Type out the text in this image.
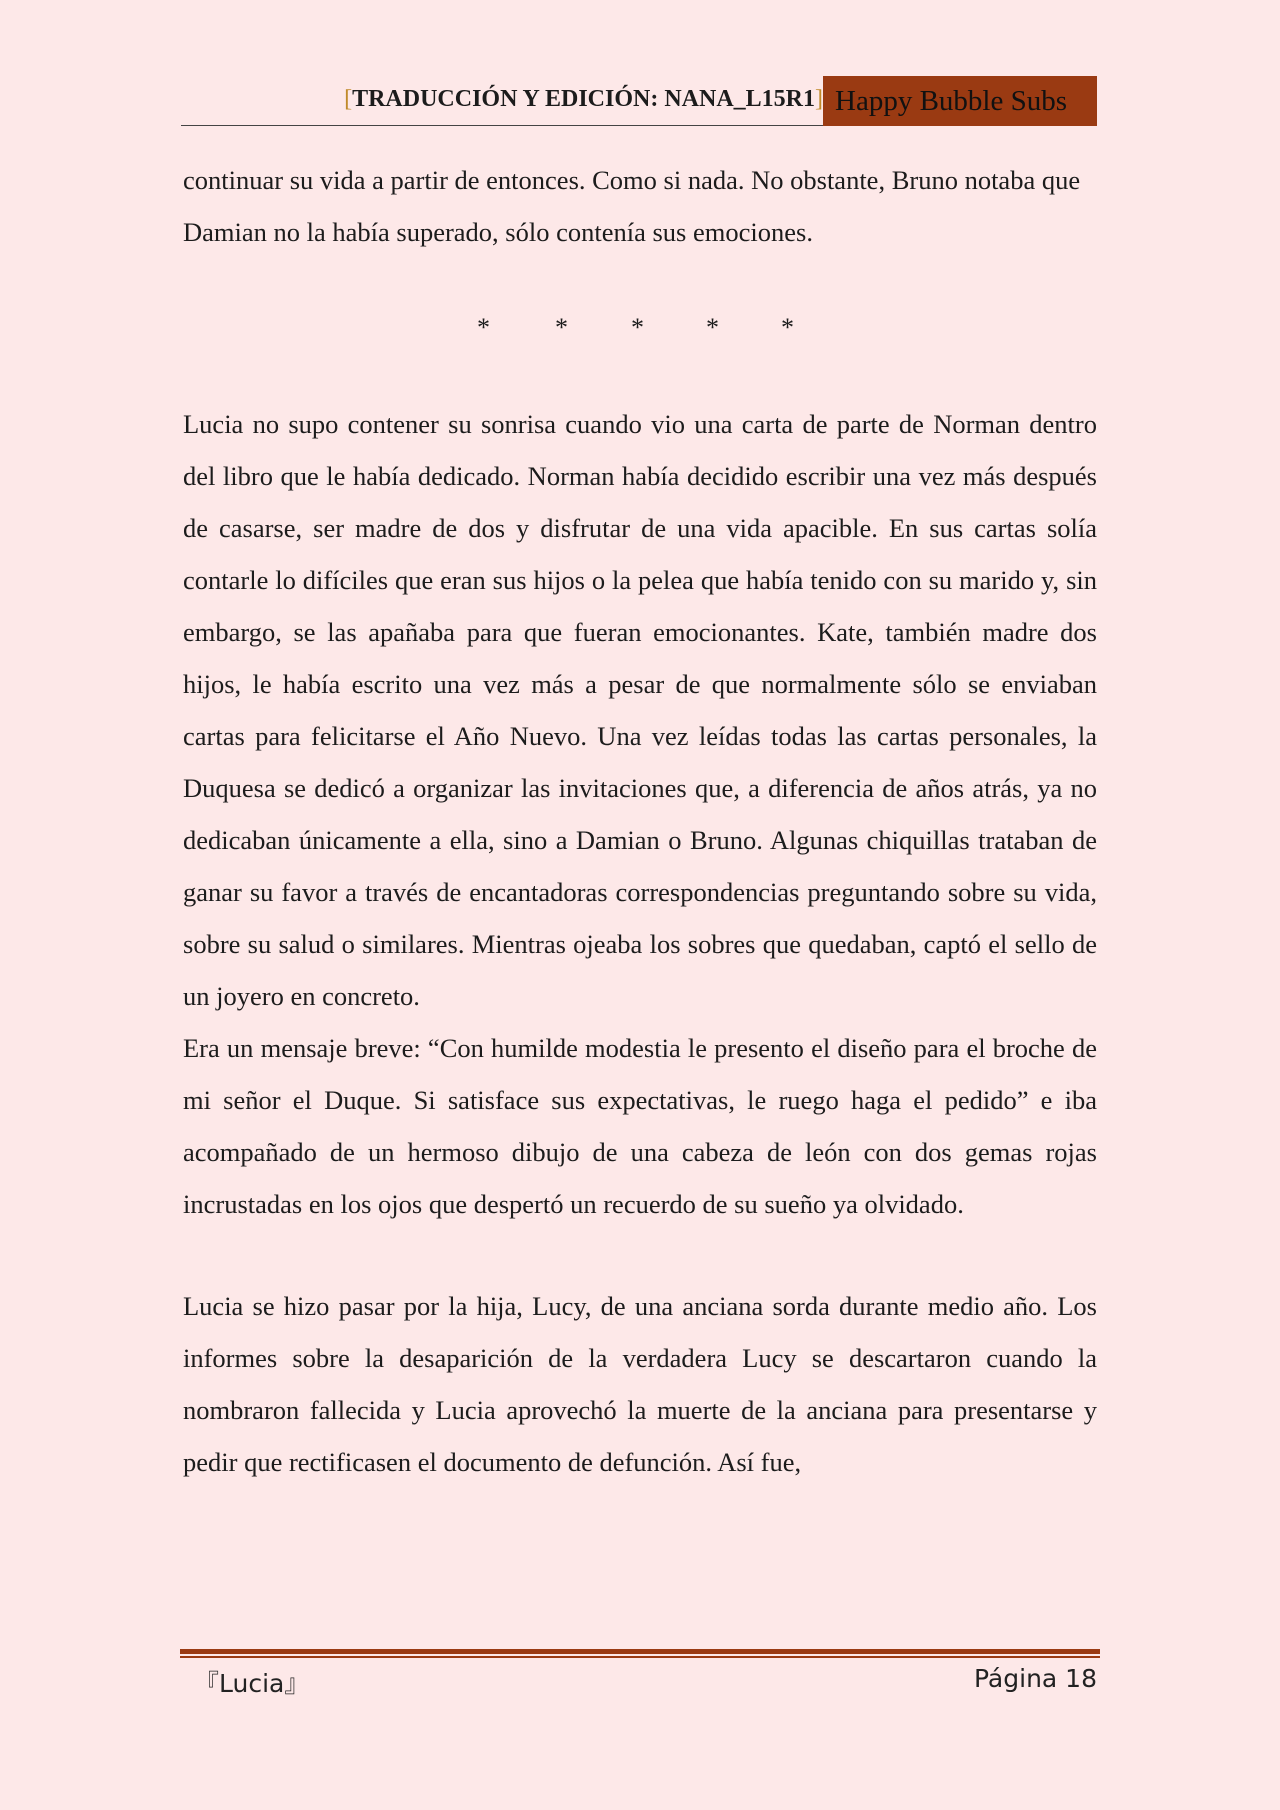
[TRADUCCIÓN Y EDICIÓN: NANA_L15R1] Happy Bubble Subs

continuar su vida a partir de entonces. Como si nada. No obstante, Bruno notaba que Damian no la había superado, sólo contenía sus emociones.

*	* * * *

Lucia no supo contener su sonrisa cuando vio una carta de parte de Norman dentro del libro que le había dedicado. Norman había decidido escribir una vez más después de casarse, ser madre de dos y disfrutar de una vida apacible. En sus cartas solía contarle lo difíciles que eran sus hijos o la pelea que había tenido con su marido y, sin embargo, se las apañaba para que fueran emocionantes. Kate, también madre dos hijos, le había escrito una vez más a pesar de que normalmente sólo se enviaban cartas para felicitarse el Año Nuevo. Una vez leídas todas las cartas personales, la Duquesa se dedicó a organizar las invitaciones que, a diferencia de años atrás, ya no dedicaban únicamente a ella, sino a Damian o Bruno. Algunas chiquillas trataban de ganar su favor a través de encantadoras correspondencias preguntando sobre su vida, sobre su salud o similares. Mientras ojeaba los sobres que quedaban, captó el sello de un joyero en concreto.

Era un mensaje breve: “Con humilde modestia le presento el diseño para el broche de mi señor el Duque. Si satisface sus expectativas, le ruego haga el pedido” e iba acompañado de un hermoso dibujo de una cabeza de león con dos gemas rojas incrustadas en los ojos que despertó un recuerdo de su sueño ya olvidado.

Lucia se hizo pasar por la hija, Lucy, de una anciana sorda durante medio año. Los informes sobre la desaparición de la verdadera Lucy se descartaron cuando la nombraron fallecida y Lucia aprovechó la muerte de la anciana para presentarse y pedir que rectificasen el documento de defunción. Así fue,

『Lucia』	Página 18
